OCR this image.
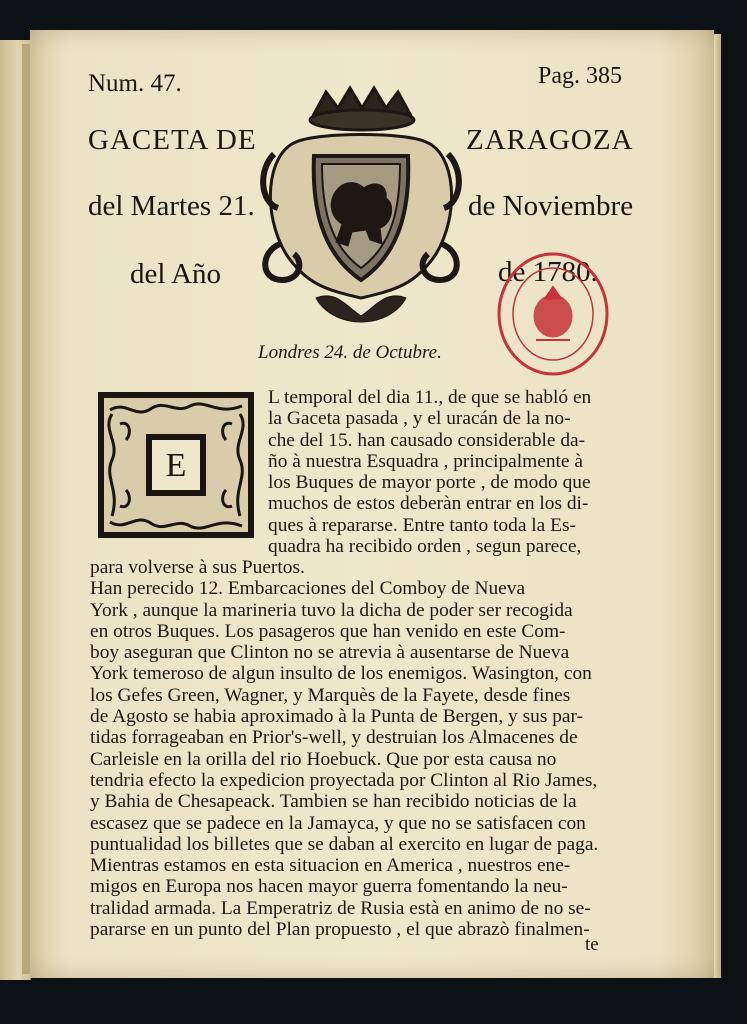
Num. 47.	Pag. 385
GACETA DE	ZARAGOZA
del Martes 21.	de Noviembre
del Año	de 1780.
Londres 24. de Octubre.
E
L temporal del dia 11., de que se habló en
la Gaceta pasada , y el uracán de la no-
che del 15. han causado considerable da-
ño à nuestra Esquadra , principalmente à
los Buques de mayor porte , de modo que
muchos de estos deberàn entrar en los di-
ques à repararse. Entre tanto toda la Es-
quadra ha recibido orden , segun parece,
para volverse à sus Puertos.
Han perecido 12. Embarcaciones del Comboy de Nueva
York , aunque la marineria tuvo la dicha de poder ser recogida
en otros Buques. Los pasageros que han venido en este Com-
boy aseguran que Clinton no se atrevia à ausentarse de Nueva
York temeroso de algun insulto de los enemigos. Wasington, con
los Gefes Green, Wagner, y Marquès de la Fayete, desde fines
de Agosto se habia aproximado à la Punta de Bergen, y sus par-
tidas forrageaban en Prior's-well, y destruian los Almacenes de
Carleisle en la orilla del rio Hoebuck. Que por esta causa no
tendria efecto la expedicion proyectada por Clinton al Rio James,
y Bahia de Chesapeack. Tambien se han recibido noticias de la
escasez que se padece en la Jamayca, y que no se satisfacen con
puntualidad los billetes que se daban al exercito en lugar de paga.
Mientras estamos en esta situacion en America , nuestros ene-
migos en Europa nos hacen mayor guerra fomentando la neu-
tralidad armada. La Emperatriz de Rusia està en animo de no se-
pararse en un punto del Plan propuesto , el que abrazò finalmen-
te
